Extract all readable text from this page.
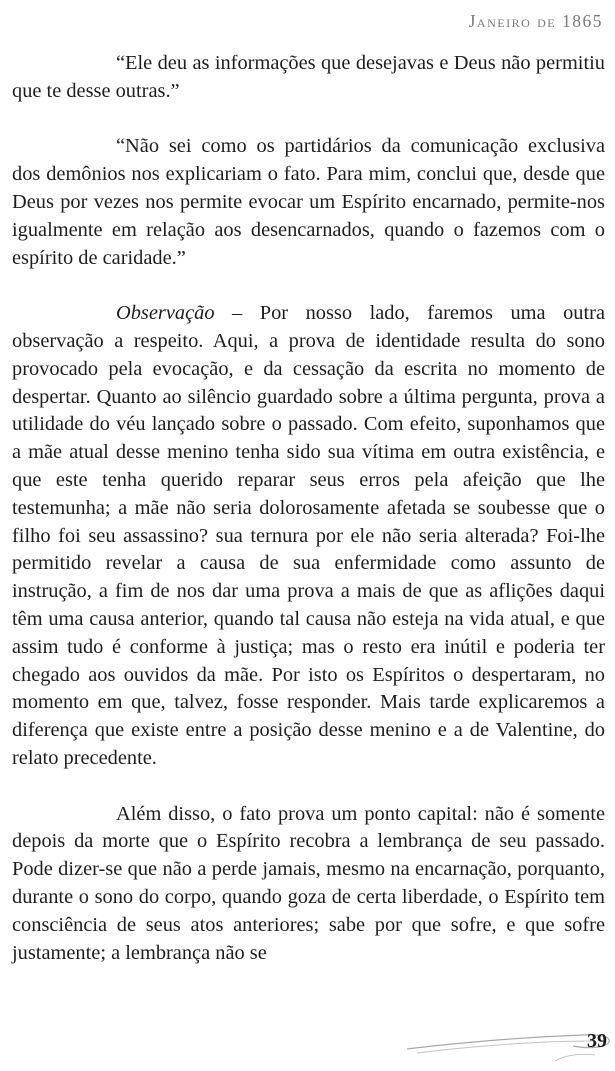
Janeiro de 1865

“Ele deu as informações que desejavas e Deus não permitiu que te desse outras.”

“Não sei como os partidários da comunicação exclusiva dos demônios nos explicariam o fato. Para mim, conclui que, desde que Deus por vezes nos permite evocar um Espírito encarnado, permite-nos igualmente em relação aos desencarnados, quando o fazemos com o espírito de caridade.”

Observação – Por nosso lado, faremos uma outra observação a respeito. Aqui, a prova de identidade resulta do sono provocado pela evocação, e da cessação da escrita no momento de despertar. Quanto ao silêncio guardado sobre a última pergunta, prova a utilidade do véu lançado sobre o passado. Com efeito, suponhamos que a mãe atual desse menino tenha sido sua vítima em outra existência, e que este tenha querido reparar seus erros pela afeição que lhe testemunha; a mãe não seria dolorosamente afetada se soubesse que o filho foi seu assassino? sua ternura por ele não seria alterada? Foi-lhe permitido revelar a causa de sua enfermidade como assunto de instrução, a fim de nos dar uma prova a mais de que as aflições daqui têm uma causa anterior, quando tal causa não esteja na vida atual, e que assim tudo é conforme à justiça; mas o resto era inútil e poderia ter chegado aos ouvidos da mãe. Por isto os Espíritos o despertaram, no momento em que, talvez, fosse responder. Mais tarde explicaremos a diferença que existe entre a posição desse menino e a de Valentine, do relato precedente.

Além disso, o fato prova um ponto capital: não é somente depois da morte que o Espírito recobra a lembrança de seu passado. Pode dizer-se que não a perde jamais, mesmo na encarnação, porquanto, durante o sono do corpo, quando goza de certa liberdade, o Espírito tem consciência de seus atos anteriores; sabe por que sofre, e que sofre justamente; a lembrança não se

39
